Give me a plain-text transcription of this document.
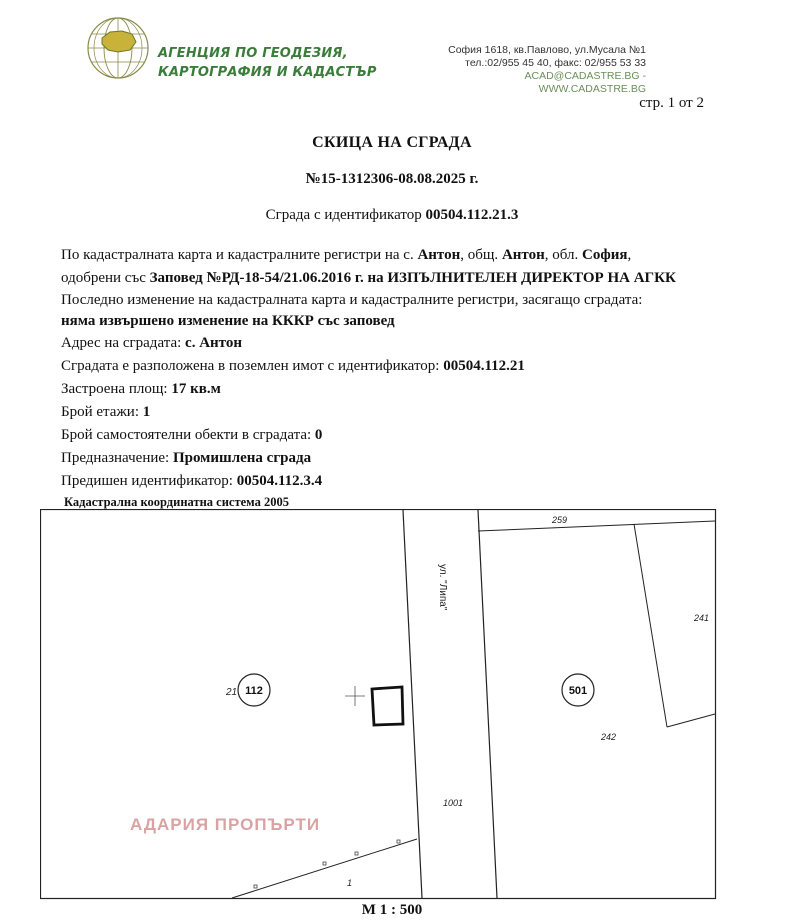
АГЕНЦИЯ ПО ГЕОДЕЗИЯ,
КАРТОГРАФИЯ И КАДАСТЪР
София 1618, кв.Павлово, ул.Мусала №1
тел.:02/955 45 40, факс: 02/955 53 33
ACAD@CADASTRE.BG - WWW.CADASTRE.BG
стр. 1 от 2
СКИЦА НА СГРАДА
№15-1312306-08.08.2025 г.
Сграда с идентификатор 00504.112.21.3
По кадастралната карта и кадастралните регистри на с. Антон, общ. Антон, обл. София,
одобрени със Заповед №РД-18-54/21.06.2016 г. на ИЗПЪЛНИТЕЛЕН ДИРЕКТОР НА АГКК
Последно изменение на кадастралната карта и кадастралните регистри, засягащо сградата:
няма извършено изменение на КККР със заповед
Адрес на сградата: с. Антон
Сградата е разположена в поземлен имот с идентификатор: 00504.112.21
Застроена площ: 17 кв.м
Брой етажи: 1
Брой самостоятелни обекти в сградата: 0
Предназначение: Промишлена сграда
Предишен идентификатор: 00504.112.3.4
Кадастрална координатна система 2005
ул. "Липа"
21 112	501
259
241
242
1001
1
АДАРИЯ ПРОПЪРТИ
М 1 : 500
